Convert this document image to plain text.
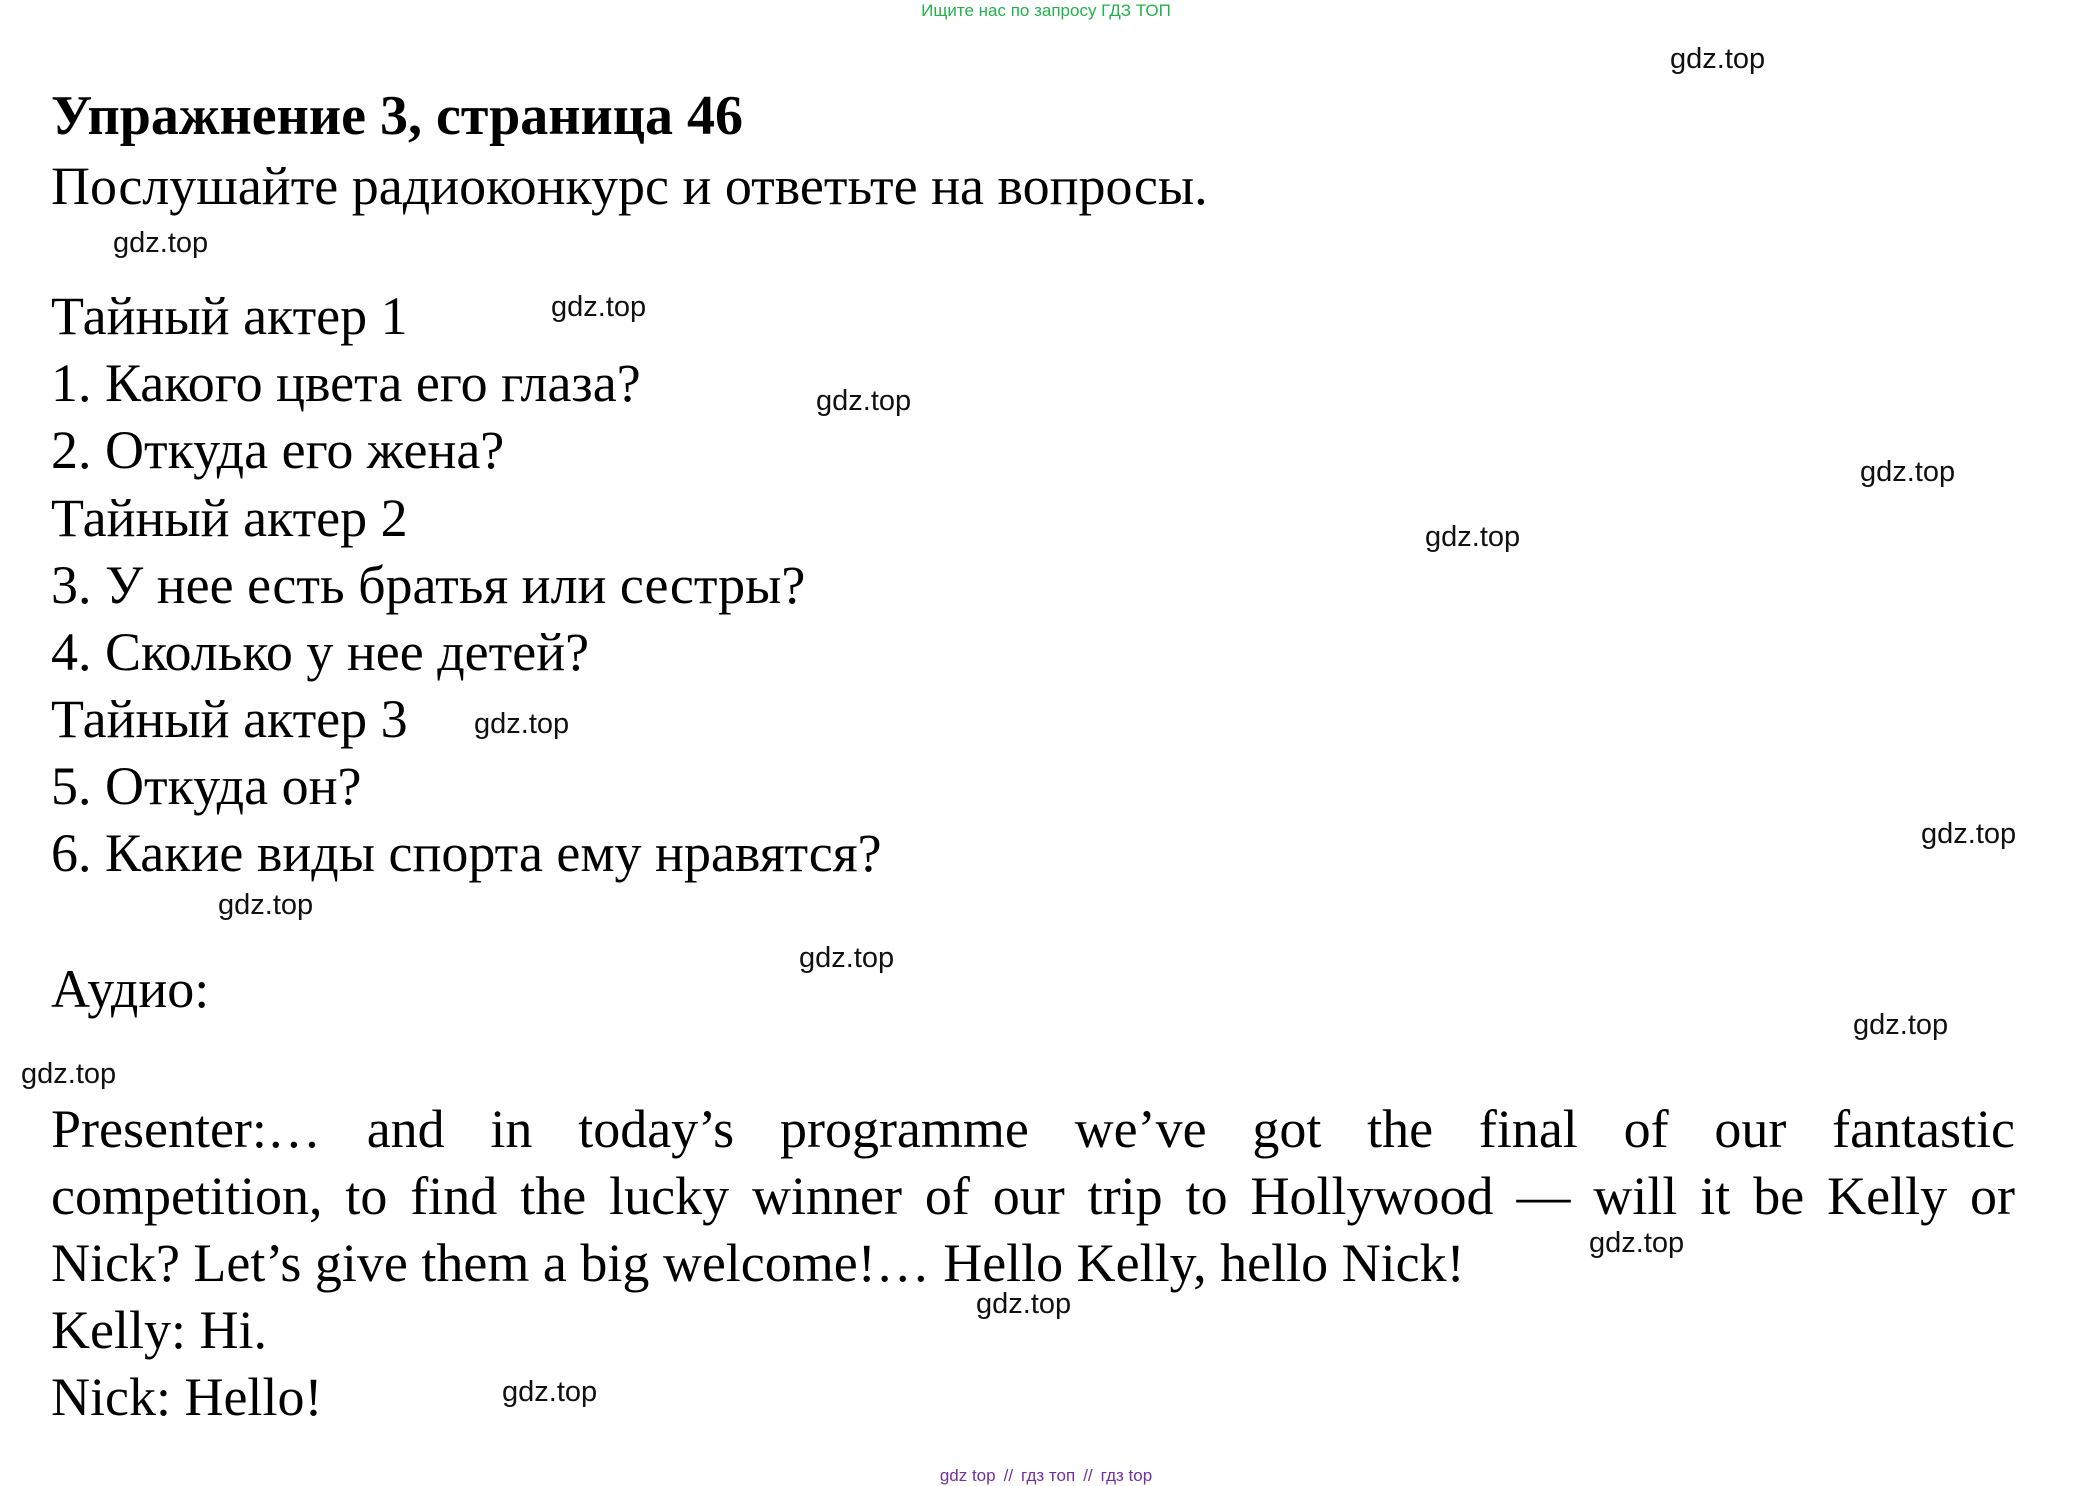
Ищите нас по запросу ГДЗ ТОП
Упражнение 3, страница 46

Послушайте радиоконкурс и ответьте на вопросы.

Тайный актер 1

1. Какого цвета его глаза?

2. Откуда его жена?

Тайный актер 2

3. У нее есть братья или сестры?

4. Сколько у нее детей?

Тайный актер 3

5. Откуда он?

6. Какие виды спорта ему нравятся?

Аудио:

Presenter:… and in today’s programme we’ve got the final of our fantastic
competition, to find the lucky winner of our trip to Hollywood — will it be Kelly or
Nick? Let’s give them a big welcome!… Hello Kelly, hello Nick!
Kelly: Hi.
Nick: Hello!
gdz.top
gdz.top
gdz.top
gdz.top
gdz.top
gdz.top
gdz.top
gdz.top
gdz.top
gdz.top
gdz.top
gdz.top
gdz.top
gdz.top
gdz.top
gdz top // гдз топ // гдз top
